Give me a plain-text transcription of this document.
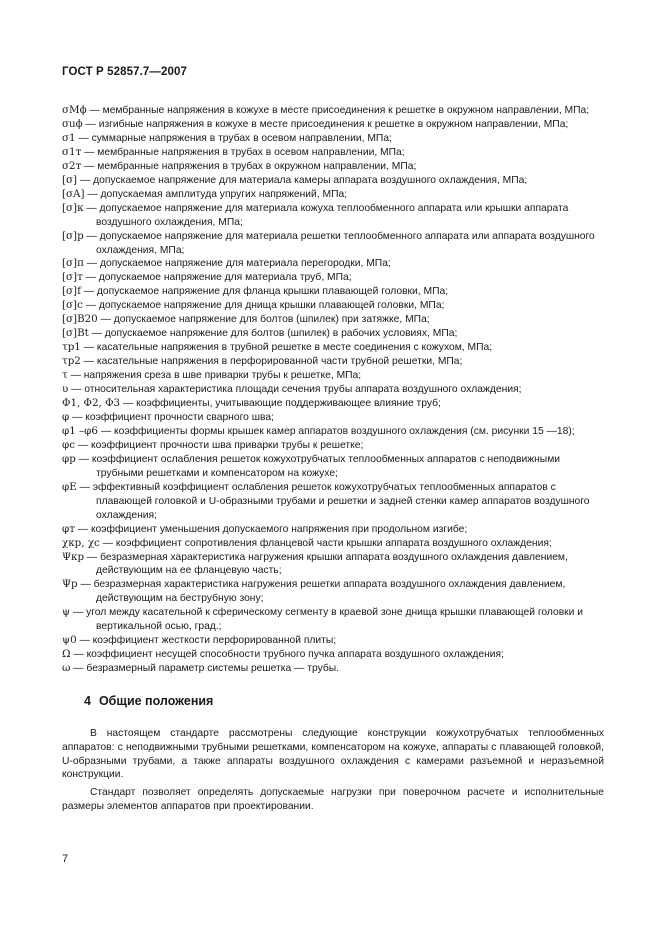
ГОСТ Р 52857.7—2007
σMϕ — мембранные напряжения в кожухе в месте присоединения к решетке в окружном направлении, МПа;
σuϕ — изгибные напряжения в кожухе в месте присоединения к решетке в окружном направлении, МПа;
σ1 — суммарные напряжения в трубах в осевом направлении, МПа;
σ1т — мембранные напряжения в трубах в осевом направлении, МПа;
σ2т — мембранные напряжения в трубах в окружном направлении, МПа;
[σ] — допускаемое напряжение для материала камеры аппарата воздушного охлаждения, МПа;
[σA] — допускаемая амплитуда упругих напряжений, МПа;
[σ]к — допускаемое напряжение для материала кожуха теплообменного аппарата или крышки аппарата воздушного охлаждения, МПа;
[σ]р — допускаемое напряжение для материала решетки теплообменного аппарата или аппарата воздушного охлаждения, МПа;
[σ]п — допускаемое напряжение для материала перегородки, МПа;
[σ]т — допускаемое напряжение для материала труб, МПа;
[σ]f — допускаемое напряжение для фланца крышки плавающей головки, МПа;
[σ]с — допускаемое напряжение для днища крышки плавающей головки, МПа;
[σ]B20 — допускаемое напряжение для болтов (шпилек) при затяжке, МПа;
[σ]Bt — допускаемое напряжение для болтов (шпилек) в рабочих условиях, МПа;
τр1 — касательные напряжения в трубной решетке в месте соединения с кожухом, МПа;
τр2 — касательные напряжения в перфорированной части трубной решетки, МПа;
τ — напряжения среза в шве приварки трубы к решетке, МПа;
υ — относительная характеристика площади сечения трубы аппарата воздушного охлаждения;
Φ1, Φ2, Φ3 — коэффициенты, учитывающие поддерживающее влияние труб;
φ — коэффициент прочности сварного шва;
φ1 –φ6 — коэффициенты формы крышек камер аппаратов воздушного охлаждения (см. рисунки 15 —18);
φс — коэффициент прочности шва приварки трубы к решетке;
φр — коэффициент ослабления решеток кожухотрубчатых теплообменных аппаратов с неподвижными трубными решетками и компенсатором на кожухе;
φE — эффективный коэффициент ослабления решеток кожухотрубчатых теплообменных аппаратов с плавающей головкой и U-образными трубами и решетки и задней стенки камер аппаратов воздушного охлаждения;
φт — коэффициент уменьшения допускаемого напряжения при продольном изгибе;
χкр, χс — коэффициент сопротивления фланцевой части крышки аппарата воздушного охлаждения;
Ψкр — безразмерная характеристика нагружения крышки аппарата воздушного охлаждения давлением, действующим на ее фланцевую часть;
Ψр — безразмерная характеристика нагружения решетки аппарата воздушного охлаждения давлением, действующим на беструбную зону;
ψ — угол между касательной к сферическому сегменту в краевой зоне днища крышки плавающей головки и вертикальной осью, град.;
ψ0 — коэффициент жесткости перфорированной плиты;
Ω — коэффициент несущей способности трубного пучка аппарата воздушного охлаждения;
ω — безразмерный параметр системы решетка — трубы.
4 Общие положения
В настоящем стандарте рассмотрены следующие конструкции кожухотрубчатых теплообменных аппаратов: с неподвижными трубными решетками, компенсатором на кожухе, аппараты с плавающей головкой, U-образными трубами, а также аппараты воздушного охлаждения с камерами разъемной и неразъемной конструкции.
Стандарт позволяет определять допускаемые нагрузки при поверочном расчете и исполнительные размеры элементов аппаратов при проектировании.
7
